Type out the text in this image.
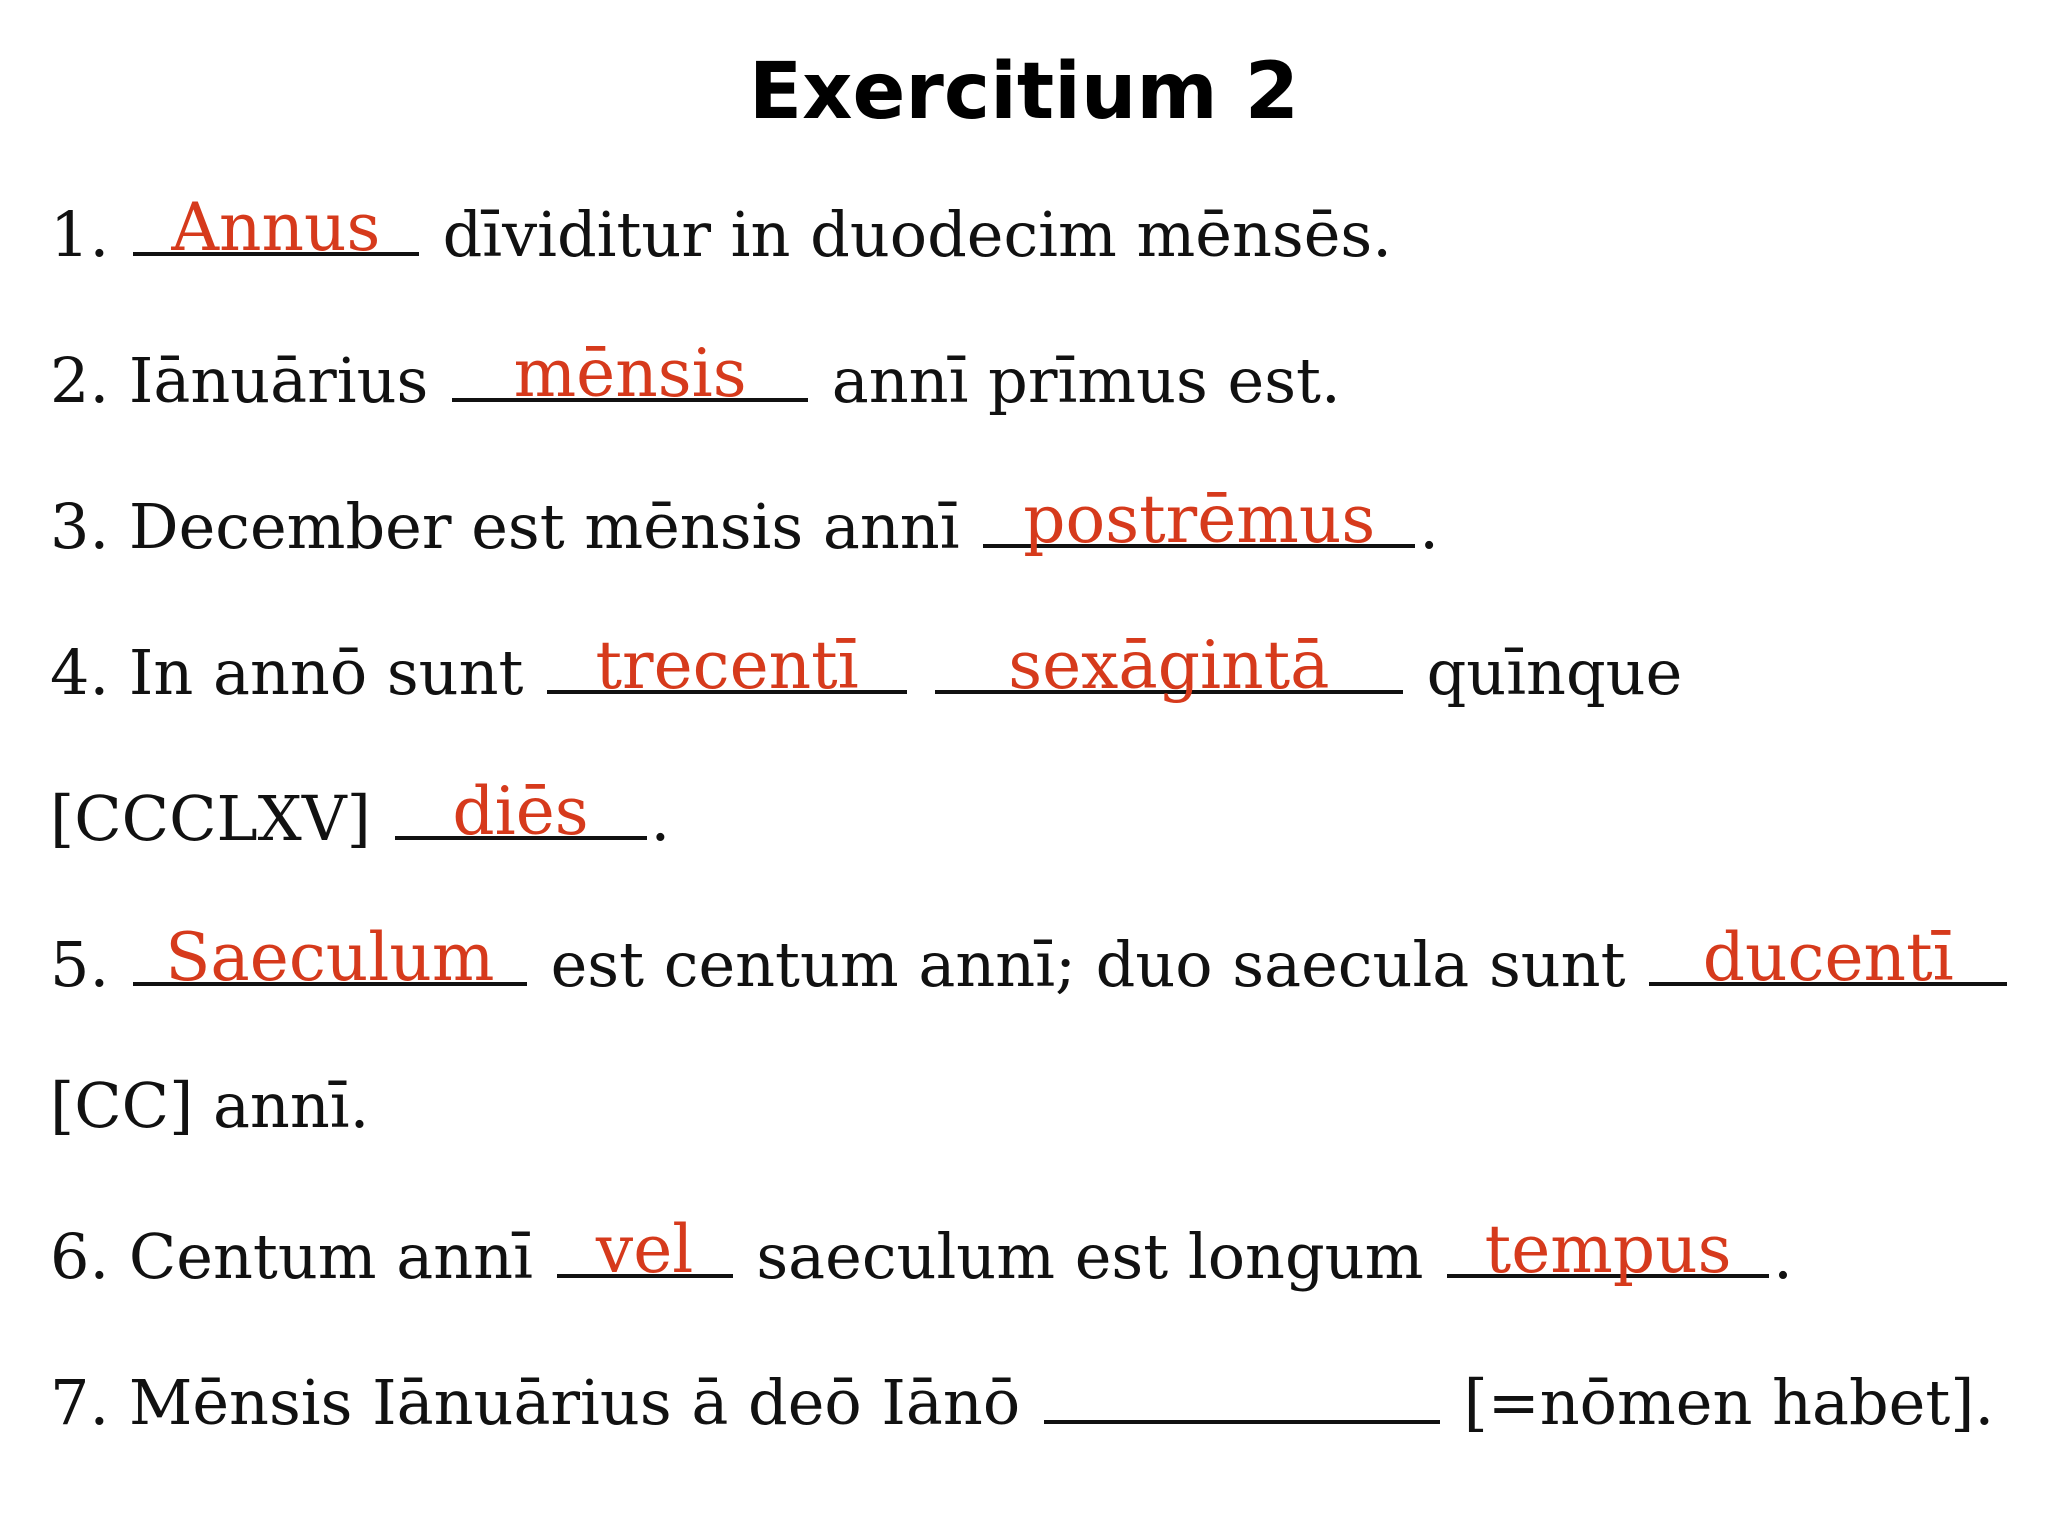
Exercitium 2
1. Annus dīviditur in duodecim mēnsēs.
2. Iānuārius mēnsis	annī prīmus est.
3. December est mēnsis annī postrēmus .
4. In annō sunt trecentī
	sexāgintā	quīnque
[CCCLXV] diēs .
5. Saeculum est centum annī; duo saecula sunt ducentī
[CC] annī.
6. Centum annī vel saeculum est longum tempus .
7. Mēnsis Iānuārius ā deō Iānō	[=nōmen habet].
